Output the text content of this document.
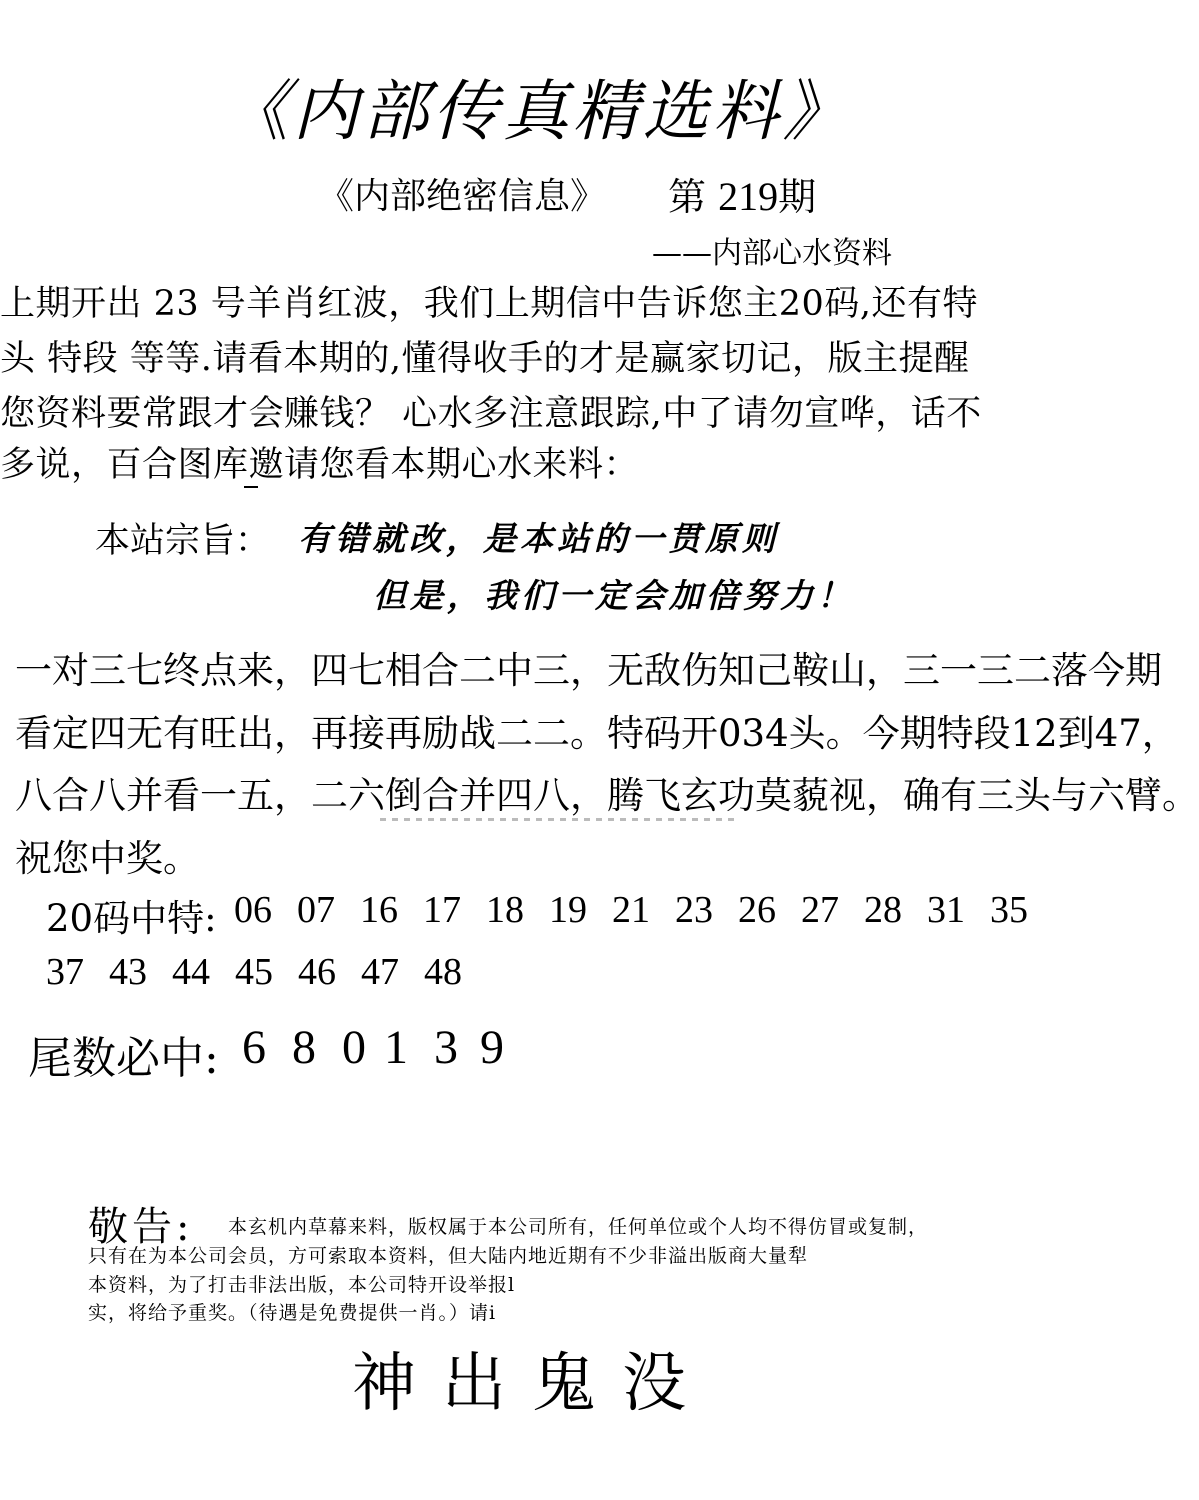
《内部传真精选料》
《内部绝密信息》 第 219期
——内部心水资料
上期开出 23 号羊肖红波，我们上期信中告诉您主20码,还有特
头 特段 等等.请看本期的,懂得收手的才是赢家切记，版主提醒
您资料要常跟才会赚钱？ 心水多注意跟踪,中了请勿宣哗，话不
多说，百合图库邀请您看本期心水来料：
本站宗旨： 有错就改，是本站的一贯原则
但是，我们一定会加倍努力！
一对三七终点来，四七相合二中三，无敌伤知己鞍山，三一三二落今期
看定四无有旺出，再接再励战二二。特码开034头。今期特段12到47，
八合八并看一五，二六倒合并四八，腾飞玄功莫藐视，确有三头与六臂。
祝您中奖。
20码中特: 06 07 16 17 18 19 21 23 26 27 28 31 35
37 43 44 45 46 47 48
尾数必中: 6 8 0 1 3 9
敬告: 本玄机内草幕来料，版权属于本公司所有，任何单位或个人均不得仿冒或复制，
只有在为本公司会员，方可索取本资料，但大陆内地近期有不少非溢出版商大量犁
本资料，为了打击非法出版，本公司特开设举报l
实，将给予重奖。（待遇是免费提供一肖。）请i
神出鬼没
